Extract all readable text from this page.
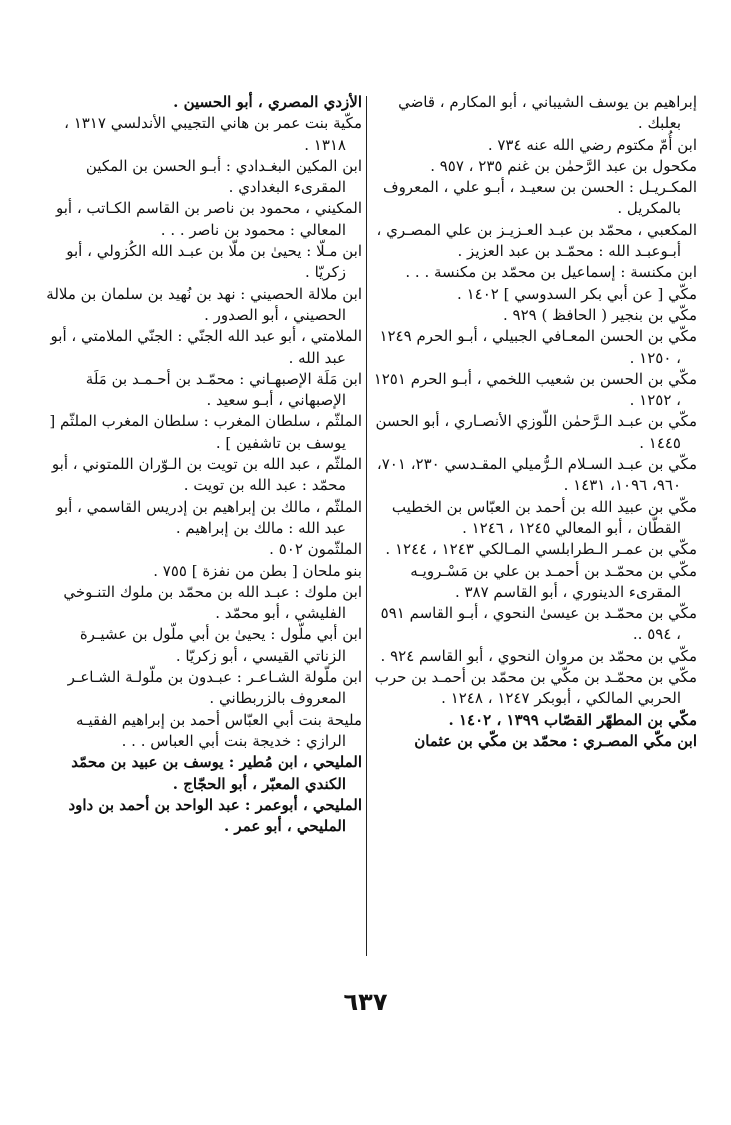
إبراهيم بن يوسف الشيباني ، أبو المكارم ، قاضي بعلبك .

ابن أُمّ مكتوم رضي الله عنه ٧٣٤ .

مكحول بن عبد الرَّحمٰن بن غنم ٢٣٥ ، ٩٥٧ .

المكـريـل : الحسن بن سعيـد ، أبـو علي ، المعروف بالمكريل .

المكعبي ، محمّد بن عبـد العـزيـز بن علي المصـري ، أبـوعبـد الله : محمّـد بن عبد العزيز .

ابن مكنسة : إسماعيل بن محمّد بن مكنسة . . .

مكّي [ عن أبي بكر السدوسي ] ١٤٠٢ .

مكّي بن بنجير ( الحافظ ) ٩٢٩ .

مكّي بن الحسن المعـافي الجبيلي ، أبـو الحرم ١٢٤٩ ، ١٢٥٠ .

مكّي بن الحسن بن شعيب اللخمي ، أبـو الحرم ١٢٥١ ، ١٢٥٢ .

مكّي بن عبـد الـرَّحمٰن اللّوزي الأنصـاري ، أبو الحسن ١٤٤٥ .

مكّي بن عبـد السـلام الـرُّميلي المقـدسي ٢٣٠، ٧٠١، ٩٦٠، ١٠٩٦، ١٤٣١ .

مكّي بن عبيد الله بن أحمد بن العبّاس بن الخطيب القطّان ، أبو المعالي ١٢٤٥ ، ١٢٤٦ .

مكّي بن عمـر الـطرابلسي المـالكي ١٢٤٣ ، ١٢٤٤ .

مكّي بن محمّـد بن أحمـد بن علي بن مَسْـرويـه المقرىء الدينوري ، أبو القاسم ٣٨٧ .

مكّي بن محمّـد بن عيسىٰ النحوي ، أبـو القاسم ٥٩١ ، ٥٩٤ ..

مكّي بن محمّد بن مروان النحوي ، أبو القاسم ٩٢٤ .

مكّي بن محمّـد بن مكّي بن محمّد بن أحمـد بن حرب الحربي المالكي ، أبوبكر ١٢٤٧ ، ١٢٤٨ .

مكّي بن المطهّر القصّاب ١٣٩٩ ، ١٤٠٢ .

ابن مكّي المصـري : محمّد بن مكّي بن عثمان

الأزدي المصري ، أبو الحسين .

مكّية بنت عمر بن هاني التجيبي الأندلسي ١٣١٧ ، ١٣١٨ .

ابن المكين البغـدادي : أبـو الحسن بن المكين المقرىء البغدادي .

المكيني ، محمود بن ناصر بن القاسم الكـاتب ، أبو المعالي : محمود بن ناصر . . .

ابن مـلّا : يحيىٰ بن ملّا بن عبـد الله الكُزولي ، أبو زكريّا .

ابن ملالة الحصيني : نهد بن نُهيد بن سلمان بن ملالة الحصيني ، أبو الصدور .

الملامتي ، أبو عبد الله الجنّي : الجنّي الملامتي ، أبو عبد الله .

ابن مَلَة الإصبهـاني : محمّـد بن أحـمـد بن مَلَة الإصبهاني ، أبـو سعيد .

الملثّم ، سلطان المغرب : سلطان المغرب الملثّم [ يوسف بن تاشفين ] .

الملثّم ، عبد الله بن تويت بن الـوّران اللمتوني ، أبو محمّد : عبد الله بن تويت .

الملثّم ، مالك بن إبراهيم بن إدريس القاسمي ، أبو عبد الله : مالك بن إبراهيم .

الملثّمون ٥٠٢ .

بنو ملحان [ بطن من نفزة ] ٧٥٥ .

ابن ملوك : عبـد الله بن محمّد بن ملوك التنـوخي الفليشي ، أبو محمّد .

ابن أبي ملّول : يحيىٰ بن أبي ملّول بن عشيـرة الزناتي القيسي ، أبو زكريّا .

ابن ملّولة الشـاعـر : عبـدون بن ملّولـة الشـاعـر المعروف بالزربطاني .

مليحة بنت أبي العبّاس أحمد بن إبراهيم الفقيـه الرازي : خديجة بنت أبي العباس . . .

المليحي ، ابن مُطير : يوسف بن عبيد بن محمّد الكندي المعبّر ، أبو الحجّاج .

المليحي ، أبوعمر : عبد الواحد بن أحمد بن داود المليحي ، أبو عمر .

٦٣٧
